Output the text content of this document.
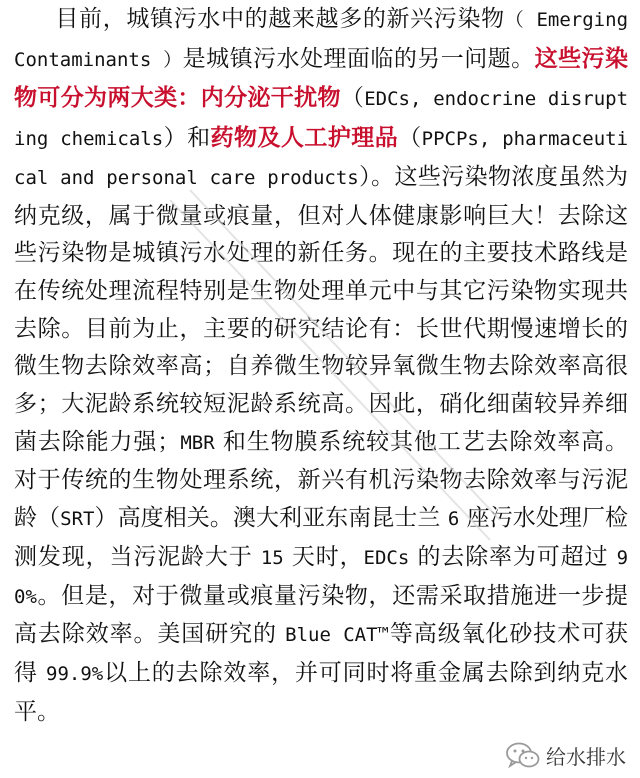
目前，城镇污水中的越来越多的新兴污染物（ Emerging Contaminants ）是城镇污水处理面临的另一问题。这些污染物可分为两大类：内分泌干扰物（EDCs, endocrine disrupting chemicals）和药物及人工护理品（PPCPs, pharmaceutical and personal care products）。这些污染物浓度虽然为纳克级，属于微量或痕量，但对人体健康影响巨大！去除这些污染物是城镇污水处理的新任务。现在的主要技术路线是在传统处理流程特别是生物处理单元中与其它污染物实现共去除。目前为止，主要的研究结论有：长世代期慢速增长的微生物去除效率高；自养微生物较异氧微生物去除效率高很多；大泥龄系统较短泥龄系统高。因此，硝化细菌较异养细菌去除能力强；MBR 和生物膜系统较其他工艺去除效率高。对于传统的生物处理系统，新兴有机污染物去除效率与污泥龄（SRT）高度相关。澳大利亚东南昆士兰 6 座污水处理厂检测发现，当污泥龄大于 15 天时，EDCs 的去除率为可超过 90%。但是，对于微量或痕量污染物，还需采取措施进一步提高去除效率。美国研究的 Blue CAT™等高级氧化砂技术可获得 99.9%以上的去除效率，并可同时将重金属去除到纳克水平。

给水排水
